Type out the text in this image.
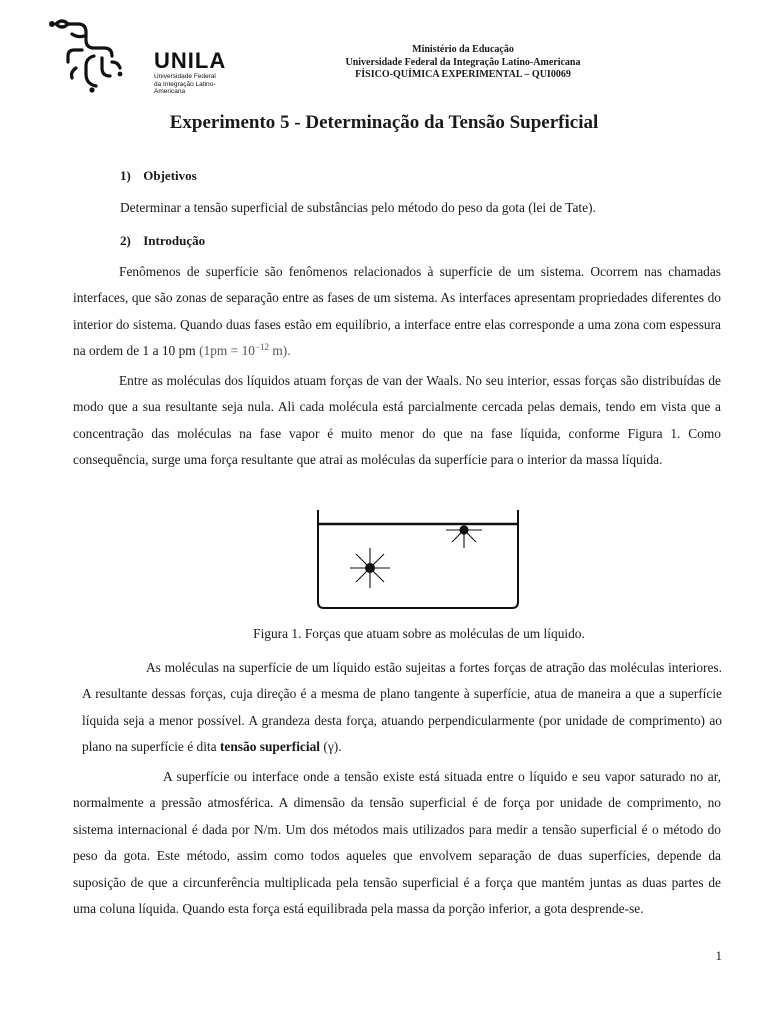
UNILA
Universidade Federal da Integração Latino-Americana
Ministério da Educação
Universidade Federal da Integração Latino-Americana
FÍSICO-QUÍMICA EXPERIMENTAL – QUI0069
Experimento 5 - Determinação da Tensão Superficial
1) Objetivos
Determinar a tensão superficial de substâncias pelo método do peso da gota (lei de Tate).
2) Introdução
Fenômenos de superfície são fenômenos relacionados à superfície de um sistema. Ocorrem nas chamadas interfaces, que são zonas de separação entre as fases de um sistema. As interfaces apresentam propriedades diferentes do interior do sistema. Quando duas fases estão em equilíbrio, a interface entre elas corresponde a uma zona com espessura na ordem de 1 a 10 pm ($1pm = 10^{-12}$ m).
Entre as moléculas dos líquidos atuam forças de van der Waals. No seu interior, essas forças são distribuídas de modo que a sua resultante seja nula. Ali cada molécula está parcialmente cercada pelas demais, tendo em vista que a concentração das moléculas na fase vapor é muito menor do que na fase líquida, conforme Figura 1. Como consequência, surge uma força resultante que atrai as moléculas da superfície para o interior da massa líquida.
Figura 1. Forças que atuam sobre as moléculas de um líquido.
As moléculas na superfície de um líquido estão sujeitas a fortes forças de atração das moléculas interiores. A resultante dessas forças, cuja direção é a mesma de plano tangente à superfície, atua de maneira a que a superfície líquida seja a menor possível. A grandeza desta força, atuando perpendicularmente (por unidade de comprimento) ao plano na superfície é dita tensão superficial (γ).
A superfície ou interface onde a tensão existe está situada entre o líquido e seu vapor saturado no ar, normalmente a pressão atmosférica. A dimensão da tensão superficial é de força por unidade de comprimento, no sistema internacional é dada por N/m. Um dos métodos mais utilizados para medir a tensão superficial é o método do peso da gota. Este método, assim como todos aqueles que envolvem separação de duas superfícies, depende da suposição de que a circunferência multiplicada pela tensão superficial é a força que mantém juntas as duas partes de uma coluna líquida. Quando esta força está equilibrada pela massa da porção inferior, a gota desprende-se.
1
